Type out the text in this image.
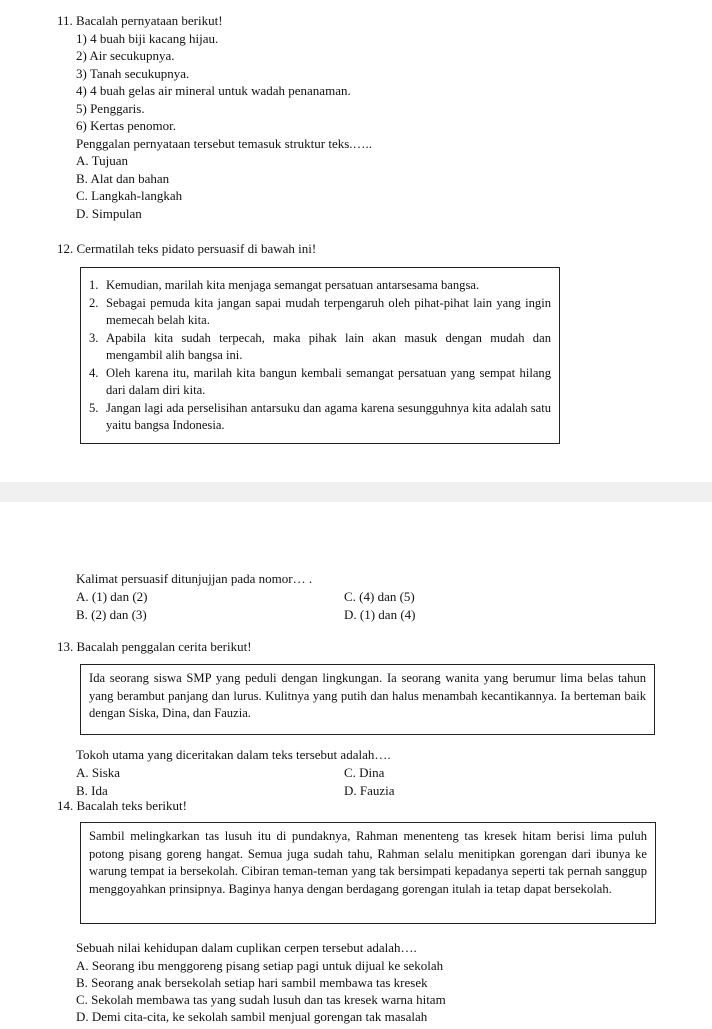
11. Bacalah pernyataan berikut!
1) 4 buah biji kacang hijau.
2) Air secukupnya.
3) Tanah secukupnya.
4) 4 buah gelas air mineral untuk wadah penanaman.
5) Penggaris.
6) Kertas penomor.
Penggalan pernyataan tersebut temasuk struktur teks.…..
A. Tujuan
B. Alat dan bahan
C. Langkah-langkah
D. Simpulan
12. Cermatilah teks pidato persuasif di bawah ini!
1. Kemudian, marilah kita menjaga semangat persatuan antarsesama bangsa.
2. Sebagai pemuda kita jangan sapai mudah terpengaruh oleh pihat-pihat lain yang ingin memecah belah kita.
3. Apabila kita sudah terpecah, maka pihak lain akan masuk dengan mudah dan mengambil alih bangsa ini.
4. Oleh karena itu, marilah kita bangun kembali semangat persatuan yang sempat hilang dari dalam diri kita.
5. Jangan lagi ada perselisihan antarsuku dan agama karena sesungguhnya kita adalah satu yaitu bangsa Indonesia.
Kalimat persuasif ditunjujjan pada nomor… .
A. (1) dan (2)
B. (2) dan (3)
C. (4) dan (5)
D. (1) dan (4)
13. Bacalah penggalan cerita berikut!
Ida seorang siswa SMP yang peduli dengan lingkungan. Ia seorang wanita yang berumur lima belas tahun yang berambut panjang dan lurus. Kulitnya yang putih dan halus menambah kecantikannya. Ia berteman baik dengan Siska, Dina, dan Fauzia.
Tokoh utama yang diceritakan dalam teks tersebut adalah….
A. Siska
B. Ida
C. Dina
D. Fauzia
14. Bacalah teks berikut!
Sambil melingkarkan tas lusuh itu di pundaknya, Rahman menenteng tas kresek hitam berisi lima puluh potong pisang goreng hangat. Semua juga sudah tahu, Rahman selalu menitipkan gorengan dari ibunya ke warung tempat ia bersekolah. Cibiran teman-teman yang tak bersimpati kepadanya seperti tak pernah sanggup menggoyahkan prinsipnya. Baginya hanya dengan berdagang gorengan itulah ia tetap dapat bersekolah.
Sebuah nilai kehidupan dalam cuplikan cerpen tersebut adalah….
A. Seorang ibu menggoreng pisang setiap pagi untuk dijual ke sekolah
B. Seorang anak bersekolah setiap hari sambil membawa tas kresek
C. Sekolah membawa tas yang sudah lusuh dan tas kresek warna hitam
D. Demi cita-cita, ke sekolah sambil menjual gorengan tak masalah
